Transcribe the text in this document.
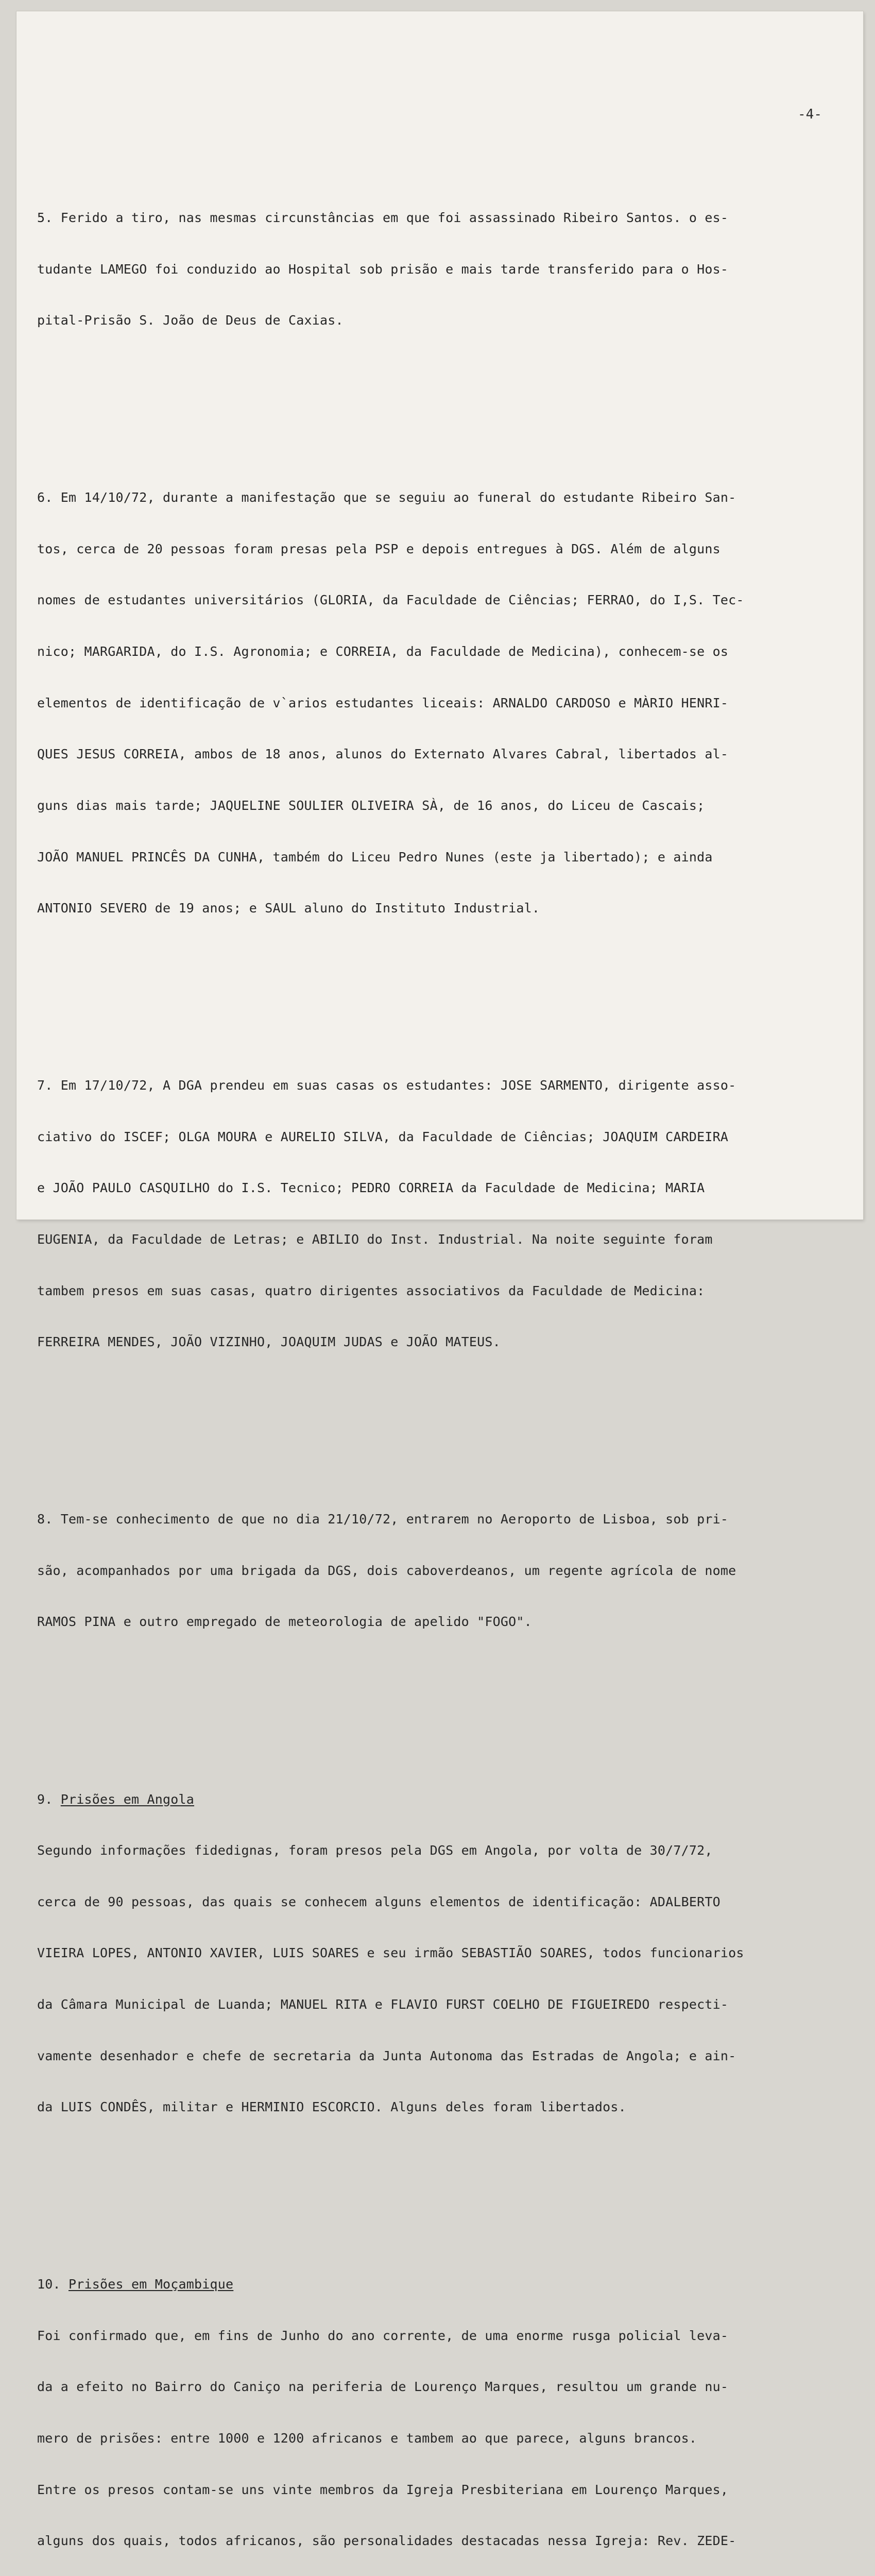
-4-

5. Ferido a tiro, nas mesmas circunstâncias em que foi assassinado Ribeiro Santos. o es-

tudante LAMEGO foi conduzido ao Hospital sob prisão e mais tarde transferido para o Hos-

pital-Prisão S. João de Deus de Caxias.

6. Em 14/10/72, durante a manifestação que se seguiu ao funeral do estudante Ribeiro San-

tos, cerca de 20 pessoas foram presas pela PSP e depois entregues à DGS. Além de alguns

nomes de estudantes universitários (GLORIA, da Faculdade de Ciências; FERRAO, do I,S. Tec-

nico; MARGARIDA, do I.S. Agronomia; e CORREIA, da Faculdade de Medicina), conhecem-se os

elementos de identificação de v`arios estudantes liceais: ARNALDO CARDOSO e MÀRIO HENRI-

QUES JESUS CORREIA, ambos de 18 anos, alunos do Externato Alvares Cabral, libertados al-

guns dias mais tarde; JAQUELINE SOULIER OLIVEIRA SÀ, de 16 anos, do Liceu de Cascais;

JOÃO MANUEL PRINCÊS DA CUNHA, também do Liceu Pedro Nunes (este ja libertado); e ainda

ANTONIO SEVERO de 19 anos; e SAUL aluno do Instituto Industrial.

7. Em 17/10/72, A DGA prendeu em suas casas os estudantes: JOSE SARMENTO, dirigente asso-

ciativo do ISCEF; OLGA MOURA e AURELIO SILVA, da Faculdade de Ciências; JOAQUIM CARDEIRA

e JOÃO PAULO CASQUILHO do I.S. Tecnico; PEDRO CORREIA da Faculdade de Medicina; MARIA

EUGENIA, da Faculdade de Letras; e ABILIO do Inst. Industrial. Na noite seguinte foram

tambem presos em suas casas, quatro dirigentes associativos da Faculdade de Medicina:

FERREIRA MENDES, JOÃO VIZINHO, JOAQUIM JUDAS e JOÃO MATEUS.

8. Tem-se conhecimento de que no dia 21/10/72, entrarem no Aeroporto de Lisboa, sob pri-

são, acompanhados por uma brigada da DGS, dois caboverdeanos, um regente agrícola de nome

RAMOS PINA e outro empregado de meteorologia de apelido "FOGO".

9. Prisões em Angola

Segundo informações fidedignas, foram presos pela DGS em Angola, por volta de 30/7/72,

cerca de 90 pessoas, das quais se conhecem alguns elementos de identificação: ADALBERTO

VIEIRA LOPES, ANTONIO XAVIER, LUIS SOARES e seu irmão SEBASTIÃO SOARES, todos funcionarios

da Câmara Municipal de Luanda; MANUEL RITA e FLAVIO FURST COELHO DE FIGUEIREDO respecti-

vamente desenhador e chefe de secretaria da Junta Autonoma das Estradas de Angola; e ain-

da LUIS CONDÊS, militar e HERMINIO ESCORCIO. Alguns deles foram libertados.

10. Prisões em Moçambique

Foi confirmado que, em fins de Junho do ano corrente, de uma enorme rusga policial leva-

da a efeito no Bairro do Caniço na periferia de Lourenço Marques, resultou um grande nu-

mero de prisões: entre 1000 e 1200 africanos e tambem ao que parece, alguns brancos.

Entre os presos contam-se uns vinte membros da Igreja Presbiteriana em Lourenço Marques,

alguns dos quais, todos africanos, são personalidades destacadas nessa Igreja: Rev. ZEDE-
